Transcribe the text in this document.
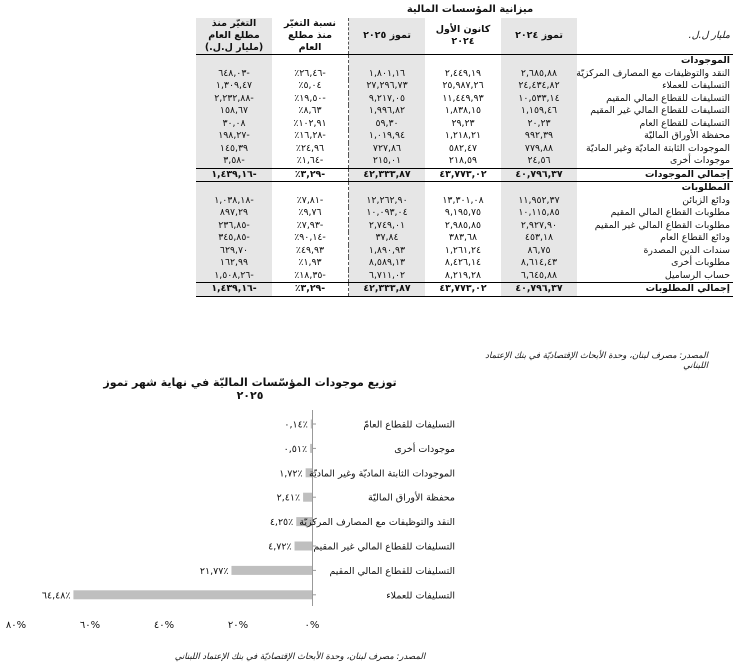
ميزانية المؤسسات المالية
مليار ل.ل.	تموز ٢٠٢٤	كانون الأول ٢٠٢٤	تموز ٢٠٢٥	نسبة التغيّر منذ مطلع العام	التغيّر منذ مطلع العام (مليار ل.ل.)
الموجودات					
النقد والتوظيفات مع المصارف المركزيّة	٢,٦٨٥,٨٨	٢,٤٤٩,١٩	١,٨٠١,١٦	-٢٦,٤٦٪	-٦٤٨,٠٣
التسليفات للعملاء	٢٤,٤٣٤,٨٢	٢٥,٩٨٧,٢٦	٢٧,٢٩٦,٧٣	٥,٠٤٪	١,٣٠٩,٤٧
التسليفات للقطاع المالي المقيم	١٠,٥٣٣,١٤	١١,٤٤٩,٩٣	٩,٢١٧,٠٥	-١٩,٥٠٪	-٢,٢٣٢,٨٨
التسليفات للقطاع المالي غير المقيم	١,١٥٩,٤٦	١,٨٣٨,١٥	١,٩٩٦,٨٢	٨,٦٣٪	١٥٨,٦٧
التسليفات للقطاع العام	٢٠,٢٣	٢٩,٢٣	٥٩,٣٠	١٠٢,٩١٪	٣٠,٠٨
محفظة الأوراق الماليّة	٩٩٢,٣٩	١,٢١٨,٢١	١,٠١٩,٩٤	-١٦,٢٨٪	-١٩٨,٢٧
الموجودات الثابتة الماديّة وغير الماديّة	٧٧٩,٨٨	٥٨٢,٤٧	٧٢٧,٨٦	٢٤,٩٦٪	١٤٥,٣٩
موجودات أخرى	٢٤,٥٦	٢١٨,٥٩	٢١٥,٠١	-١,٦٤٪	-٣,٥٨
إجمالي الموجودات	٤٠,٧٩٦,٣٧	٤٣,٧٧٣,٠٢	٤٢,٣٣٣,٨٧	-٣,٢٩٪	-١,٤٣٩,١٦
المطلوبات					
ودائع الزبائن	١١,٩٥٢,٣٧	١٣,٣٠١,٠٨	١٢,٢٦٢,٩٠	-٧,٨١٪	-١,٠٣٨,١٨
مطلوبات القطاع المالي المقيم	١٠,١١٥,٨٥	٩,١٩٥,٧٥	١٠,٠٩٣,٠٤	٩,٧٦٪	٨٩٧,٢٩
مطلوبات القطاع المالي غير المقيم	٢,٩٢٧,٩٠	٢,٩٨٥,٨٥	٢,٧٤٩,٠١	-٧,٩٣٪	-٢٣٦,٨٥
ودائع القطاع العام	٤٥٣,١٨	٣٨٣,٦٨	٣٧,٨٤	-٩٠,١٤٪	-٣٤٥,٨٥
سندات الدين المصدرة	٨٦,٧٥	١,٢٦١,٢٤	١,٨٩٠,٩٣	٤٩,٩٣٪	٦٢٩,٧٠
مطلوبات أخرى	٨,٦١٤,٤٣	٨,٤٢٦,١٤	٨,٥٨٩,١٣	١,٩٣٪	١٦٢,٩٩
حساب الرساميل	٦,٦٤٥,٨٨	٨,٢١٩,٢٨	٦,٧١١,٠٢	-١٨,٣٥٪	-١,٥٠٨,٢٦
إجمالي المطلوبات	٤٠,٧٩٦,٣٧	٤٣,٧٧٣,٠٢	٤٢,٣٣٣,٨٧	-٣,٢٩٪	-١,٤٣٩,١٦
المصدر: مصرف لبنان، وحدة الأبحاث الإقتصاديّة في بنك الإعتماد اللبناني
توزيع موجودات المؤسّسات الماليّة في نهاية شهر تموز ٢٠٢٥
التسليفات للقطاع العامّ
٠,١٤٪
موجودات أخرى
٠,٥١٪
الموجودات الثابتة الماديّة وغير الماديّة
١,٧٢٪
محفظة الأوراق الماليّة
٢,٤١٪
النقد والتوظيفات مع المصارف المركزيّة
٤,٢٥٪
التسليفات للقطاع المالي غير المقيم
٤,٧٢٪
التسليفات للقطاع المالي المقيم
٢١,٧٧٪
التسليفات للعملاء
٦٤,٤٨٪
٠%
٢٠%
٤٠%
٦٠%
٨٠%
المصدر: مصرف لبنان، وحدة الأبحاث الإقتصاديّة في بنك الإعتماد اللبناني
